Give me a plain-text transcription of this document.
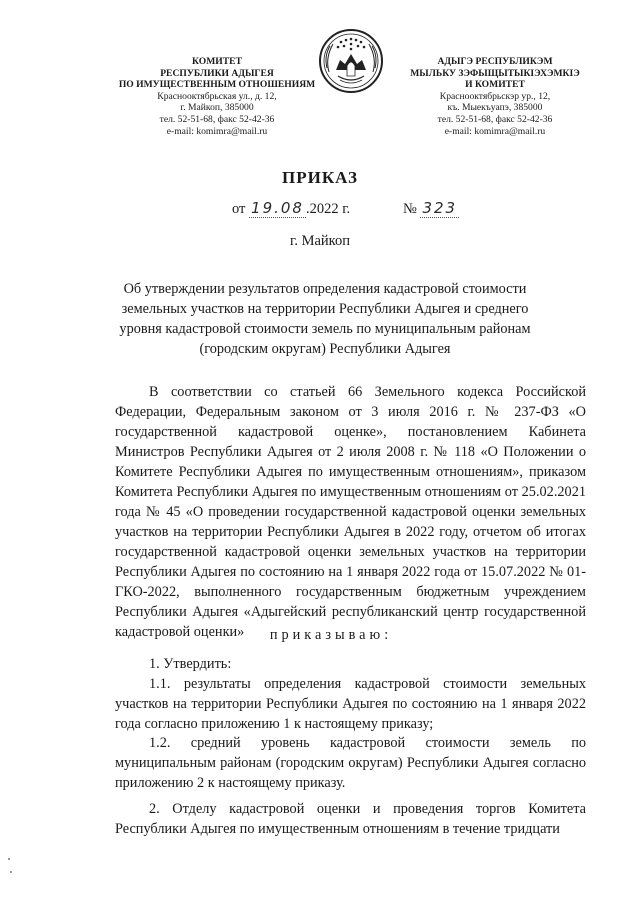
КОМИТЕТ
РЕСПУБЛИКИ АДЫГЕЯ
ПО ИМУЩЕСТВЕННЫМ ОТНОШЕНИЯМ
Краснооктябрьская ул., д. 12,
г. Майкоп, 385000
тел. 52-51-68, факс 52-42-36
e-mail: komimra@mail.ru
АДЫГЭ РЕСПУБЛИКЭМ
МЫЛЬКУ ЗЭФЫЩЫТЫКIЭХЭМКIЭ
И КОМИТЕТ
Краснооктябрьскэр ур., 12,
къ. Мыекъуапэ, 385000
тел. 52-51-68, факс 52-42-36
e-mail: komimra@mail.ru
ПРИКАЗ
от 19.08 .2022 г.	№ 323
г. Майкоп
Об утверждении результатов определения кадастровой стоимости земельных участков на территории Республики Адыгея и среднего уровня кадастровой стоимости земель по муниципальным районам (городским округам) Республики Адыгея
В соответствии со статьей 66 Земельного кодекса Российской Федерации, Федеральным законом от 3 июля 2016 г. № 237-ФЗ «О государственной кадастровой оценке», постановлением Кабинета Министров Республики Адыгея от 2 июля 2008 г. № 118 «О Положении о Комитете Республики Адыгея по имущественным отношениям», приказом Комитета Республики Адыгея по имущественным отношениям от 25.02.2021 года № 45 «О проведении государственной кадастровой оценки земельных участков на территории Республики Адыгея в 2022 году, отчетом об итогах государственной кадастровой оценки земельных участков на территории Республики Адыгея по состоянию на 1 января 2022 года от 15.07.2022 № 01-ГКО-2022, выполненного государственным бюджетным учреждением Республики Адыгея «Адыгейский республиканский центр государственной кадастровой оценки»	приказываю:
1. Утвердить:
1.1. результаты определения кадастровой стоимости земельных участков на территории Республики Адыгея по состоянию на 1 января 2022 года согласно приложению 1 к настоящему приказу;
1.2. средний уровень кадастровой стоимости земель по муниципальным районам (городским округам) Республики Адыгея согласно приложению 2 к настоящему приказу.
2. Отделу кадастровой оценки и проведения торгов Комитета Республики Адыгея по имущественным отношениям в течение тридцати
